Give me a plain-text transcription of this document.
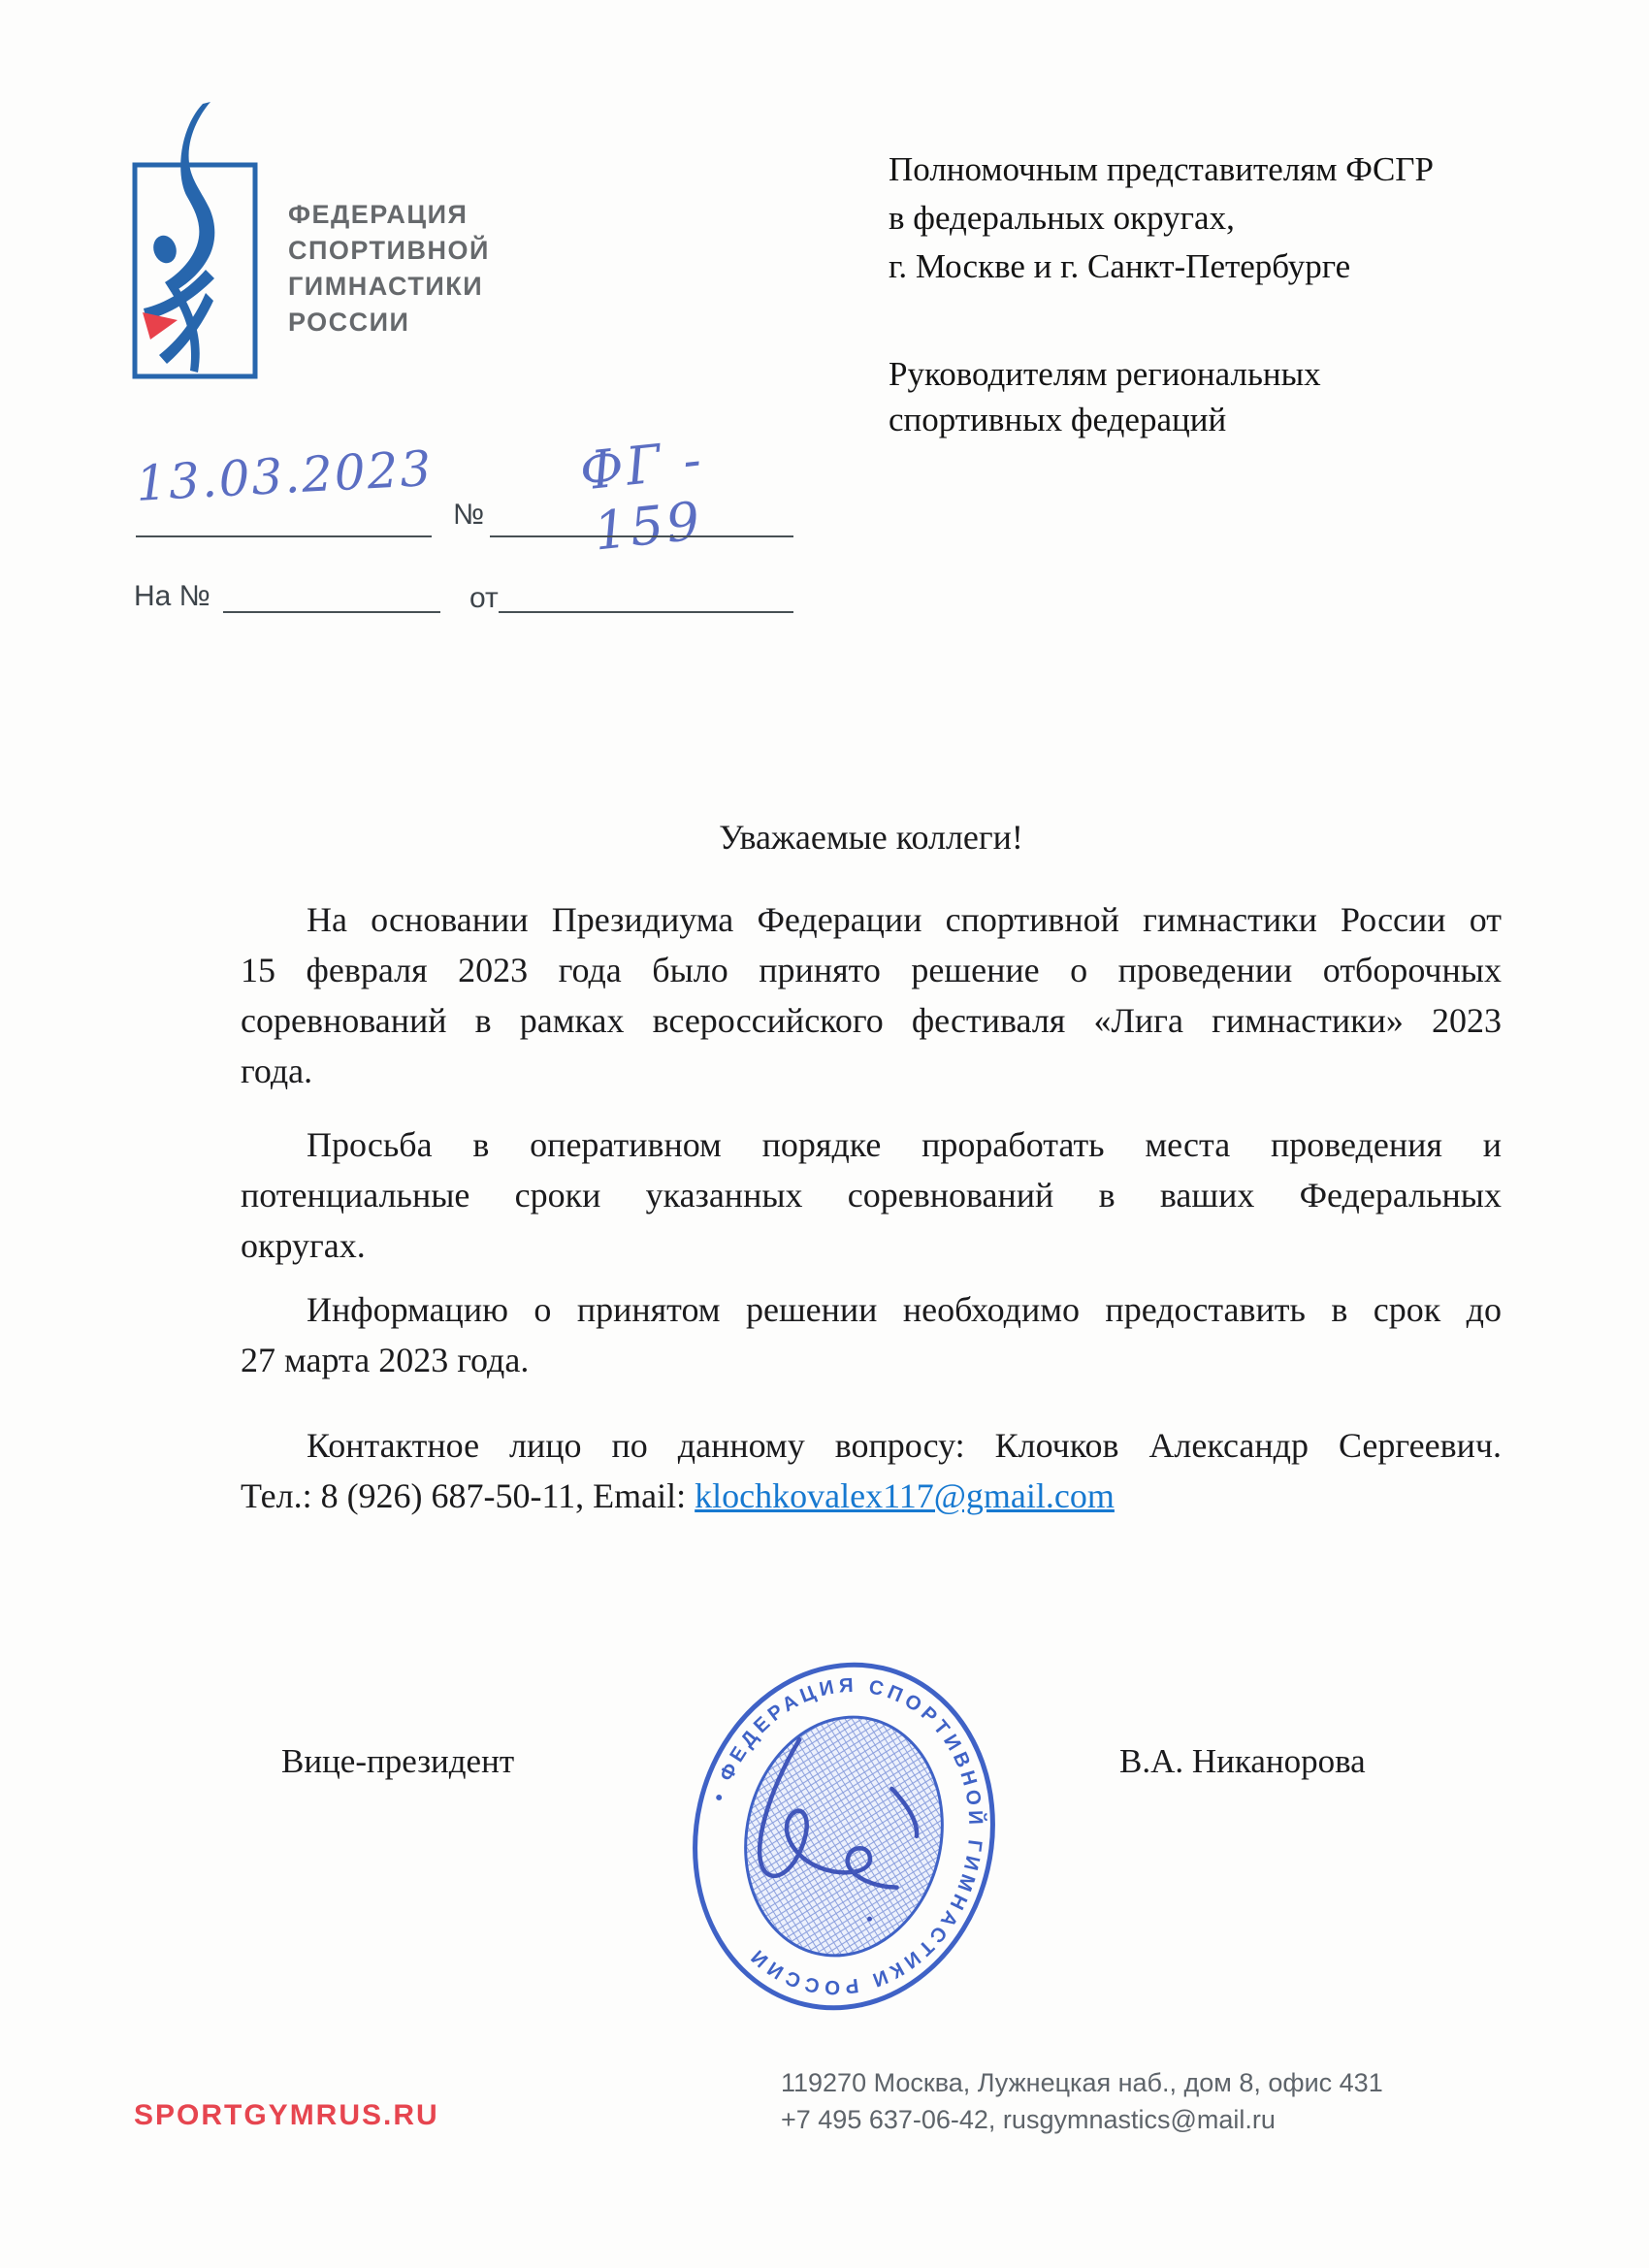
ФЕДЕРАЦИЯ
СПОРТИВНОЙ
ГИМНАСТИКИ
РОССИИ
Полномочным представителям ФСГР
в федеральных округах,
г. Москве и г. Санкт-Петербурге
Руководителям региональных
спортивных федераций
13.03.2023
№
ФГ - 159
На №	от
Уважаемые коллеги!
На основании Президиума Федерации спортивной гимнастики России от
15 февраля 2023 года было принято решение о проведении отборочных
соревнований в рамках всероссийского фестиваля «Лига гимнастики» 2023
года.
Просьба в оперативном порядке проработать места проведения и
потенциальные сроки указанных соревнований в ваших Федеральных
округах.
Информацию о принятом решении необходимо предоставить в срок до
27 марта 2023 года.
Контактное лицо по данному вопросу: Клочков Александр Сергеевич.
Тел.: 8 (926) 687-50-11, Email: klochkovalex117@gmail.com
Вице-президент	В.А. Никанорова
• ФЕДЕРАЦИЯ СПОРТИВНОЙ ГИМНАСТИКИ РОССИИ
SPORTGYMRUS.RU
119270 Москва, Лужнецкая наб., дом 8, офис 431
+7 495 637-06-42, rusgymnastics@mail.ru
